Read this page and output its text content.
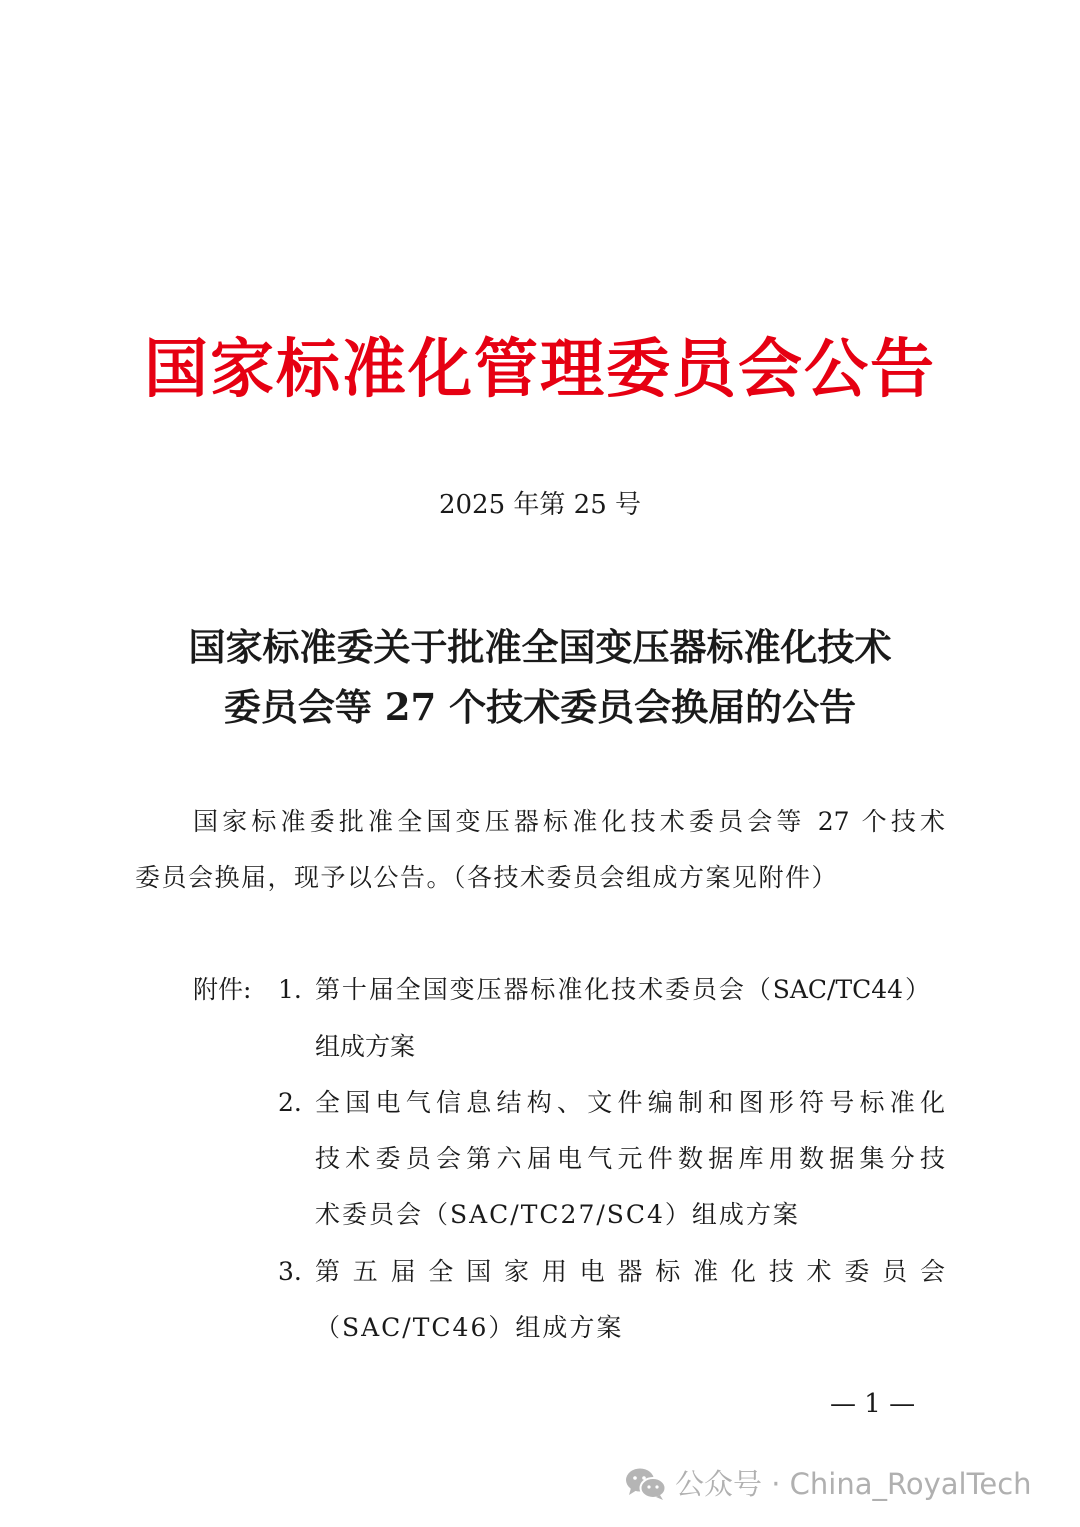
国家标准化管理委员会公告
2025 年第 25 号
国家标准委关于批准全国变压器标准化技术
委员会等 27 个技术委员会换届的公告
国家标准委批准全国变压器标准化技术委员会等 27 个技术
委员会换届，现予以公告。（各技术委员会组成方案见附件）
附件: 1. 第十届全国变压器标准化技术委员会（SAC/TC44）
组成方案
2. 全国电气信息结构、文件编制和图形符号标准化
技术委员会第六届电气元件数据库用数据集分技
术委员会（SAC/TC27/SC4）组成方案
3. 第五届全国家用电器标准化技术委员会
（SAC/TC46）组成方案
— 1 —
公众号 · China_RoyalTech
